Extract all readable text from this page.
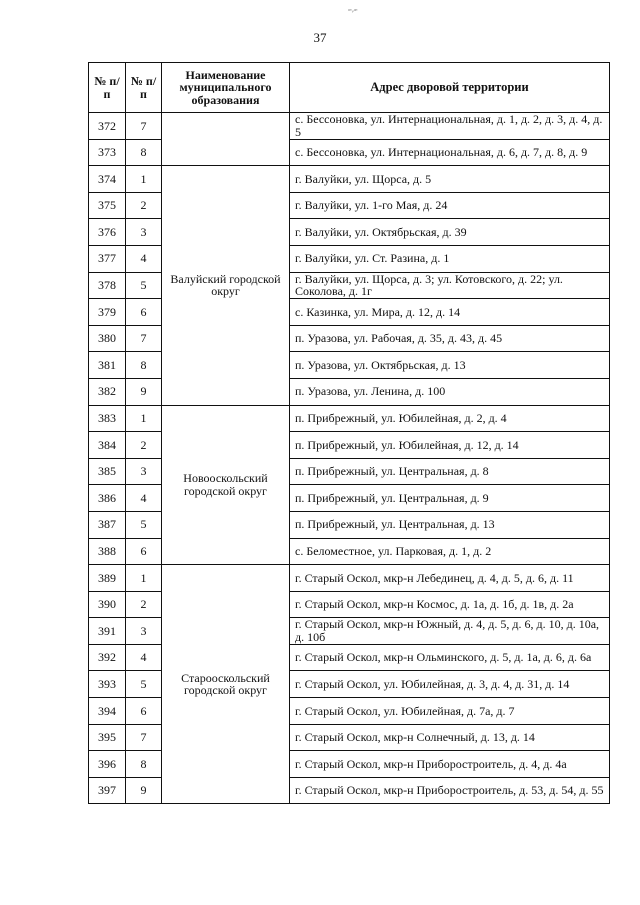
ꟹ⸗ꟹ
37
№ п/п	№ п/п	Наименование муниципального образования	Адрес дворовой территории
372	7		с. Бессоновка, ул. Интернациональная, д. 1, д. 2, д. 3, д. 4, д. 5
373	8		с. Бессоновка, ул. Интернациональная, д. 6, д. 7, д. 8, д. 9
374	1	Валуйский городской округ	г. Валуйки, ул. Щорса, д. 5
375	2		г. Валуйки, ул. 1-го Мая, д. 24
376	3		г. Валуйки, ул. Октябрьская, д. 39
377	4		г. Валуйки, ул. Ст. Разина, д. 1
378	5		г. Валуйки, ул. Щорса, д. 3; ул. Котовского, д. 22; ул. Соколова, д. 1г
379	6		с. Казинка, ул. Мира, д. 12, д. 14
380	7		п. Уразова, ул. Рабочая, д. 35, д. 43, д. 45
381	8		п. Уразова, ул. Октябрьская, д. 13
382	9		п. Уразова, ул. Ленина, д. 100
383	1	Новооскольский городской округ	п. Прибрежный, ул. Юбилейная, д. 2, д. 4
384	2		п. Прибрежный, ул. Юбилейная, д. 12, д. 14
385	3		п. Прибрежный, ул. Центральная, д. 8
386	4		п. Прибрежный, ул. Центральная, д. 9
387	5		п. Прибрежный, ул. Центральная, д. 13
388	6		с. Беломестное, ул. Парковая, д. 1, д. 2
389	1	Старооскольский городской округ	г. Старый Оскол, мкр-н Лебединец, д. 4, д. 5, д. 6, д. 11
390	2		г. Старый Оскол, мкр-н Космос, д. 1а, д. 1б, д. 1в, д. 2а
391	3		г. Старый Оскол, мкр-н Южный, д. 4, д. 5, д. 6, д. 10, д. 10а, д. 10б
392	4		г. Старый Оскол, мкр-н Ольминского, д. 5, д. 1а, д. 6, д. 6а
393	5		г. Старый Оскол, ул. Юбилейная, д. 3, д. 4, д. 31, д. 14
394	6		г. Старый Оскол, ул. Юбилейная, д. 7а, д. 7
395	7		г. Старый Оскол, мкр-н Солнечный, д. 13, д. 14
396	8		г. Старый Оскол, мкр-н Приборостроитель, д. 4, д. 4а
397	9		г. Старый Оскол, мкр-н Приборостроитель, д. 53, д. 54, д. 55
